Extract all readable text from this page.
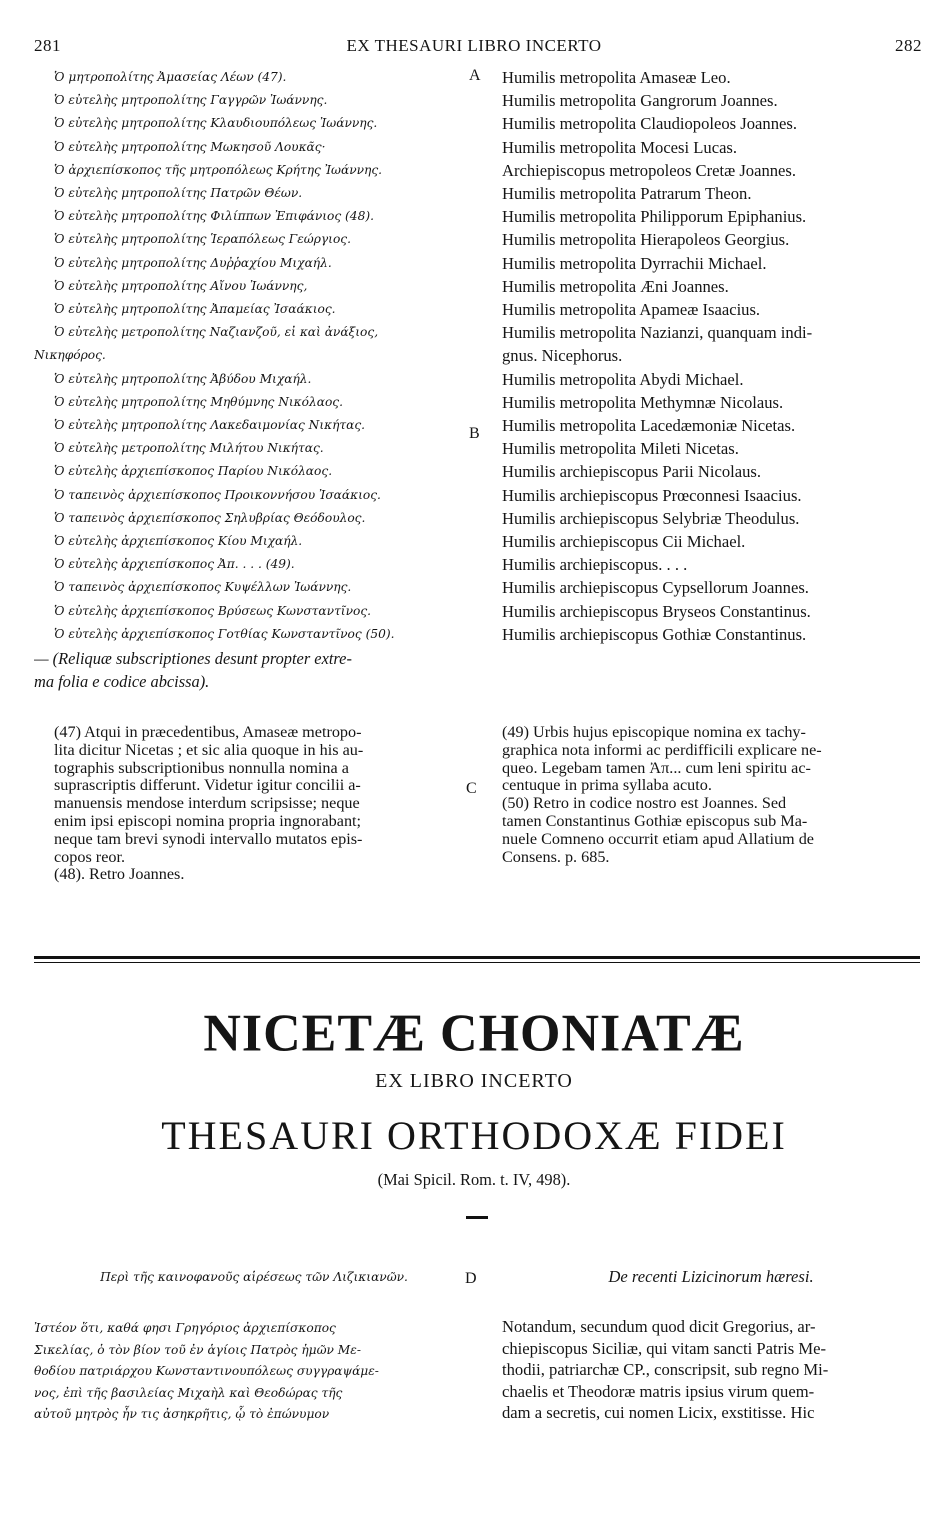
281	EX THESAURI LIBRO INCERTO	282
Ὁ μητροπολίτης Ἀμασείας Λέων (47).
Ὁ εὐτελὴς μητροπολίτης Γαγγρῶν Ἰωάννης.
Ὁ εὐτελὴς μητροπολίτης Κλαυδιουπόλεως Ἰωάννης.
Ὁ εὐτελὴς μητροπολίτης Μωκησοῦ Λουκᾶς·
Ὁ ἀρχιεπίσκοπος τῆς μητροπόλεως Κρήτης Ἰωάννης.
Ὁ εὐτελὴς μητροπολίτης Πατρῶν Θέων.
Ὁ εὐτελὴς μητροπολίτης Φιλίππων Ἐπιφάνιος (48).
Ὁ εὐτελὴς μητροπολίτης Ἱεραπόλεως Γεώργιος.
Ὁ εὐτελὴς μητροπολίτης Δυῤῥαχίου Μιχαήλ.
Ὁ εὐτελὴς μητροπολίτης Αἴνου Ἰωάννης,
Ὁ εὐτελὴς μητροπολίτης Ἀπαμείας Ἰσαάκιος.
Ὁ εὐτελὴς μετροπολίτης Ναζιανζοῦ, εἰ καὶ ἀνάξιος,
Νικηφόρος.
Ὁ εὐτελὴς μητροπολίτης Ἀβύδου Μιχαήλ.
Ὁ εὐτελὴς μητροπολίτης Μηθύμνης Νικόλαος.
Ὁ εὐτελὴς μητροπολίτης Λακεδαιμονίας Νικήτας.
Ὁ εὐτελὴς μετροπολίτης Μιλήτου Νικήτας.
Ὁ εὐτελὴς ἀρχιεπίσκοπος Παρίου Νικόλαος.
Ὁ ταπεινὸς ἀρχιεπίσκοπος Προικοννήσου Ἰσαάκιος.
Ὁ ταπεινὸς ἀρχιεπίσκοπος Σηλυβρίας Θεόδουλος.
Ὁ εὐτελὴς ἀρχιεπίσκοπος Κίου Μιχαήλ.
Ὁ εὐτελὴς ἀρχιεπίσκοπος Ἀπ. . . . (49).
Ὁ ταπεινὸς ἀρχιεπίσκοπος Κυψέλλων Ἰωάννης.
Ὁ εὐτελὴς ἀρχιεπίσκοπος Βρύσεως Κωνσταντῖνος.
Ὁ εὐτελὴς ἀρχιεπίσκοπος Γοτθίας Κωνσταντῖνος (50).
— (Reliquæ subscriptiones desunt propter extre-
ma folia e codice abcissa).
A
B
C
D
Humilis metropolita Amaseæ Leo.
Humilis metropolita Gangrorum Joannes.
Humilis metropolita Claudiopoleos Joannes.
Humilis metropolita Mocesi Lucas.
Archiepiscopus metropoleos Cretæ Joannes.
Humilis metropolita Patrarum Theon.
Humilis metropolita Philipporum Epiphanius.
Humilis metropolita Hierapoleos Georgius.
Humilis metropolita Dyrrachii Michael.
Humilis metropolita Æni Joannes.
Humilis metropolita Apameæ Isaacius.
Humilis metropolita Nazianzi, quanquam indi-
gnus. Nicephorus.
Humilis metropolita Abydi Michael.
Humilis metropolita Methymnæ Nicolaus.
Humilis metropolita Lacedæmoniæ Nicetas.
Humilis metropolita Mileti Nicetas.
Humilis archiepiscopus Parii Nicolaus.
Humilis archiepiscopus Prœconnesi Isaacius.
Humilis archiepiscopus Selybriæ Theodulus.
Humilis archiepiscopus Cii Michael.
Humilis archiepiscopus. . . .
Humilis archiepiscopus Cypsellorum Joannes.
Humilis archiepiscopus Bryseos Constantinus.
Humilis archiepiscopus Gothiæ Constantinus.
(47) Atqui in præcedentibus, Amaseæ metropo-
lita dicitur Nicetas ; et sic alia quoque in his au-
tographis subscriptionibus nonnulla nomina a
suprascriptis differunt. Videtur igitur concilii a-
manuensis mendose interdum scripsisse; neque
enim ipsi episcopi nomina propria ingnorabant;
neque tam brevi synodi intervallo mutatos epis-
copos reor.
(48). Retro Joannes.
(49) Urbis hujus episcopique nomina ex tachy-
graphica nota informi ac perdifficili explicare ne-
queo. Legebam tamen Ἀπ... cum leni spiritu ac-
centuque in prima syllaba acuto.
(50) Retro in codice nostro est Joannes. Sed
tamen Constantinus Gothiæ episcopus sub Ma-
nuele Comneno occurrit etiam apud Allatium de
Consens. p. 685.
NICETÆ CHONIATÆ
EX LIBRO INCERTO
THESAURI ORTHODOXÆ FIDEI
(Mai Spicil. Rom. t. IV, 498).
Περὶ τῆς καινοφανοῦς αἱρέσεως τῶν Λιζικιανῶν.	De recenti Lizicinorum hæresi.
Ἰστέον ὅτι, καθά φησι Γρηγόριος ἀρχιεπίσκοπος
Σικελίας, ὁ τὸν βίον τοῦ ἐν ἁγίοις Πατρὸς ἡμῶν Με-
θοδίου πατριάρχου Κωνσταντινουπόλεως συγγραψάμε-
νος, ἐπὶ τῆς βασιλείας Μιχαὴλ καὶ Θεοδώρας τῆς
αὐτοῦ μητρὸς ἦν τις ἀσηκρῆτις, ᾧ τὸ ἐπώνυμον
Notandum, secundum quod dicit Gregorius, ar-
chiepiscopus Siciliæ, qui vitam sancti Patris Me-
thodii, patriarchæ CP., conscripsit, sub regno Mi-
chaelis et Theodoræ matris ipsius virum quem-
dam a secretis, cui nomen Licix, exstitisse. Hic
